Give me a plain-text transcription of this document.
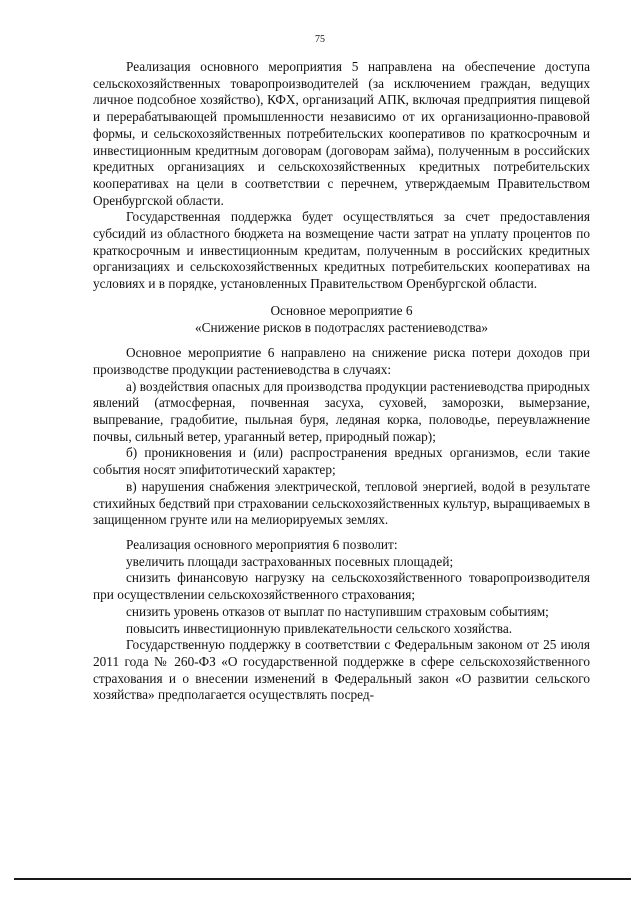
75

Реализация основного мероприятия 5 направлена на обеспечение доступа сельскохозяйственных товаропроизводителей (за исключением граждан, ведущих личное подсобное хозяйство), КФХ, организаций АПК, включая предприятия пищевой и перерабатывающей промышленности независимо от их организационно-правовой формы, и сельскохозяйственных потребительских кооперативов по краткосрочным и инвестиционным кредитным договорам (договорам займа), полученным в российских кредитных организациях и сельскохозяйственных кредитных потребительских кооперативах на цели в соответствии с перечнем, утверждаемым Правительством Оренбургской области.

Государственная поддержка будет осуществляться за счет предоставления субсидий из областного бюджета на возмещение части затрат на уплату процентов по краткосрочным и инвестиционным кредитам, полученным в российских кредитных организациях и сельскохозяйственных кредитных потребительских кооперативах на условиях и в порядке, установленных Правительством Оренбургской области.

Основное мероприятие 6

«Снижение рисков в подотраслях растениеводства»

Основное мероприятие 6 направлено на снижение риска потери доходов при производстве продукции растениеводства в случаях:

а) воздействия опасных для производства продукции растениеводства природных явлений (атмосферная, почвенная засуха, суховей, заморозки, вымерзание, выпревание, градобитие, пыльная буря, ледяная корка, половодье, переувлажнение почвы, сильный ветер, ураганный ветер, природный пожар);

б) проникновения и (или) распространения вредных организмов, если такие события носят эпифитотический характер;

в) нарушения снабжения электрической, тепловой энергией, водой в результате стихийных бедствий при страховании сельскохозяйственных культур, выращиваемых в защищенном грунте или на мелиорируемых землях.

Реализация основного мероприятия 6 позволит:

увеличить площади застрахованных посевных площадей;

снизить финансовую нагрузку на сельскохозяйственного товаропроизводителя при осуществлении сельскохозяйственного страхования;

снизить уровень отказов от выплат по наступившим страховым событиям;

повысить инвестиционную привлекательности сельского хозяйства.

Государственную поддержку в соответствии с Федеральным законом от 25 июля 2011 года № 260-ФЗ «О государственной поддержке в сфере сельскохозяйственного страхования и о внесении изменений в Федеральный закон «О развитии сельского хозяйства» предполагается осуществлять посред-
